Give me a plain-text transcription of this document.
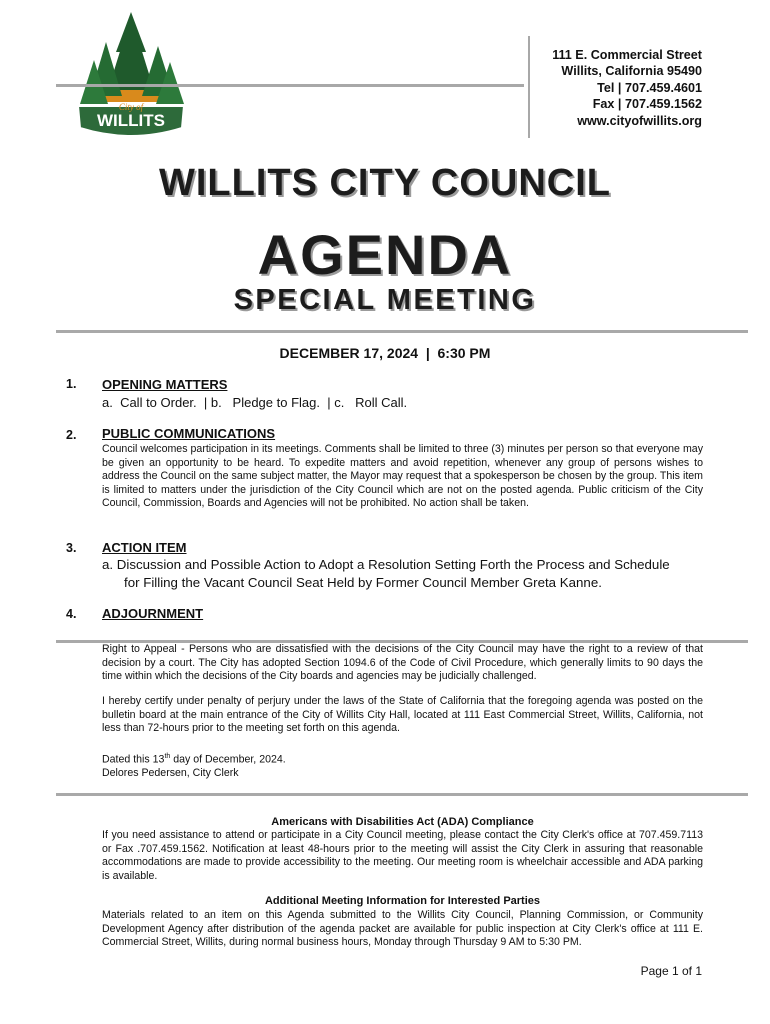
City of
WILLITS
111 E. Commercial Street
Willits, California 95490
Tel | 707.459.4601
Fax | 707.459.1562
www.cityofwillits.org
WILLITS CITY COUNCIL
AGENDA
SPECIAL MEETING
DECEMBER 17, 2024  |  6:30 PM
1. OPENING MATTERS
a.  Call to Order.  | b.   Pledge to Flag.  | c.   Roll Call.
2. PUBLIC COMMUNICATIONS
Council welcomes participation in its meetings. Comments shall be limited to three (3) minutes per person so that everyone may be given an opportunity to be heard. To expedite matters and avoid repetition, whenever any group of persons wishes to address the Council on the same subject matter, the Mayor may request that a spokesperson be chosen by the group. This item is limited to matters under the jurisdiction of the City Council which are not on the posted agenda. Public criticism of the City Council, Commission, Boards and Agencies will not be prohibited. No action shall be taken.
3. ACTION ITEM
a. Discussion and Possible Action to Adopt a Resolution Setting Forth the Process and Schedule
for Filling the Vacant Council Seat Held by Former Council Member Greta Kanne.
4. ADJOURNMENT
Right to Appeal - Persons who are dissatisfied with the decisions of the City Council may have the right to a review of that decision by a court. The City has adopted Section 1094.6 of the Code of Civil Procedure, which generally limits to 90 days the time within which the decisions of the City boards and agencies may be judicially challenged.
I hereby certify under penalty of perjury under the laws of the State of California that the foregoing agenda was posted on the bulletin board at the main entrance of the City of Willits City Hall, located at 111 East Commercial Street, Willits, California, not less than 72-hours prior to the meeting set forth on this agenda.
Dated this 13th day of December, 2024.
Delores Pedersen, City Clerk
Americans with Disabilities Act (ADA) Compliance
If you need assistance to attend or participate in a City Council meeting, please contact the City Clerk's office at 707.459.7113 or Fax .707.459.1562. Notification at least 48-hours prior to the meeting will assist the City Clerk in assuring that reasonable accommodations are made to provide accessibility to the meeting. Our meeting room is wheelchair accessible and ADA parking is available.
Additional Meeting Information for Interested Parties
Materials related to an item on this Agenda submitted to the Willits City Council, Planning Commission, or Community Development Agency after distribution of the agenda packet are available for public inspection at City Clerk's office at 111 E. Commercial Street, Willits, during normal business hours, Monday through Thursday 9 AM to 5:30 PM.
Page 1 of 1
